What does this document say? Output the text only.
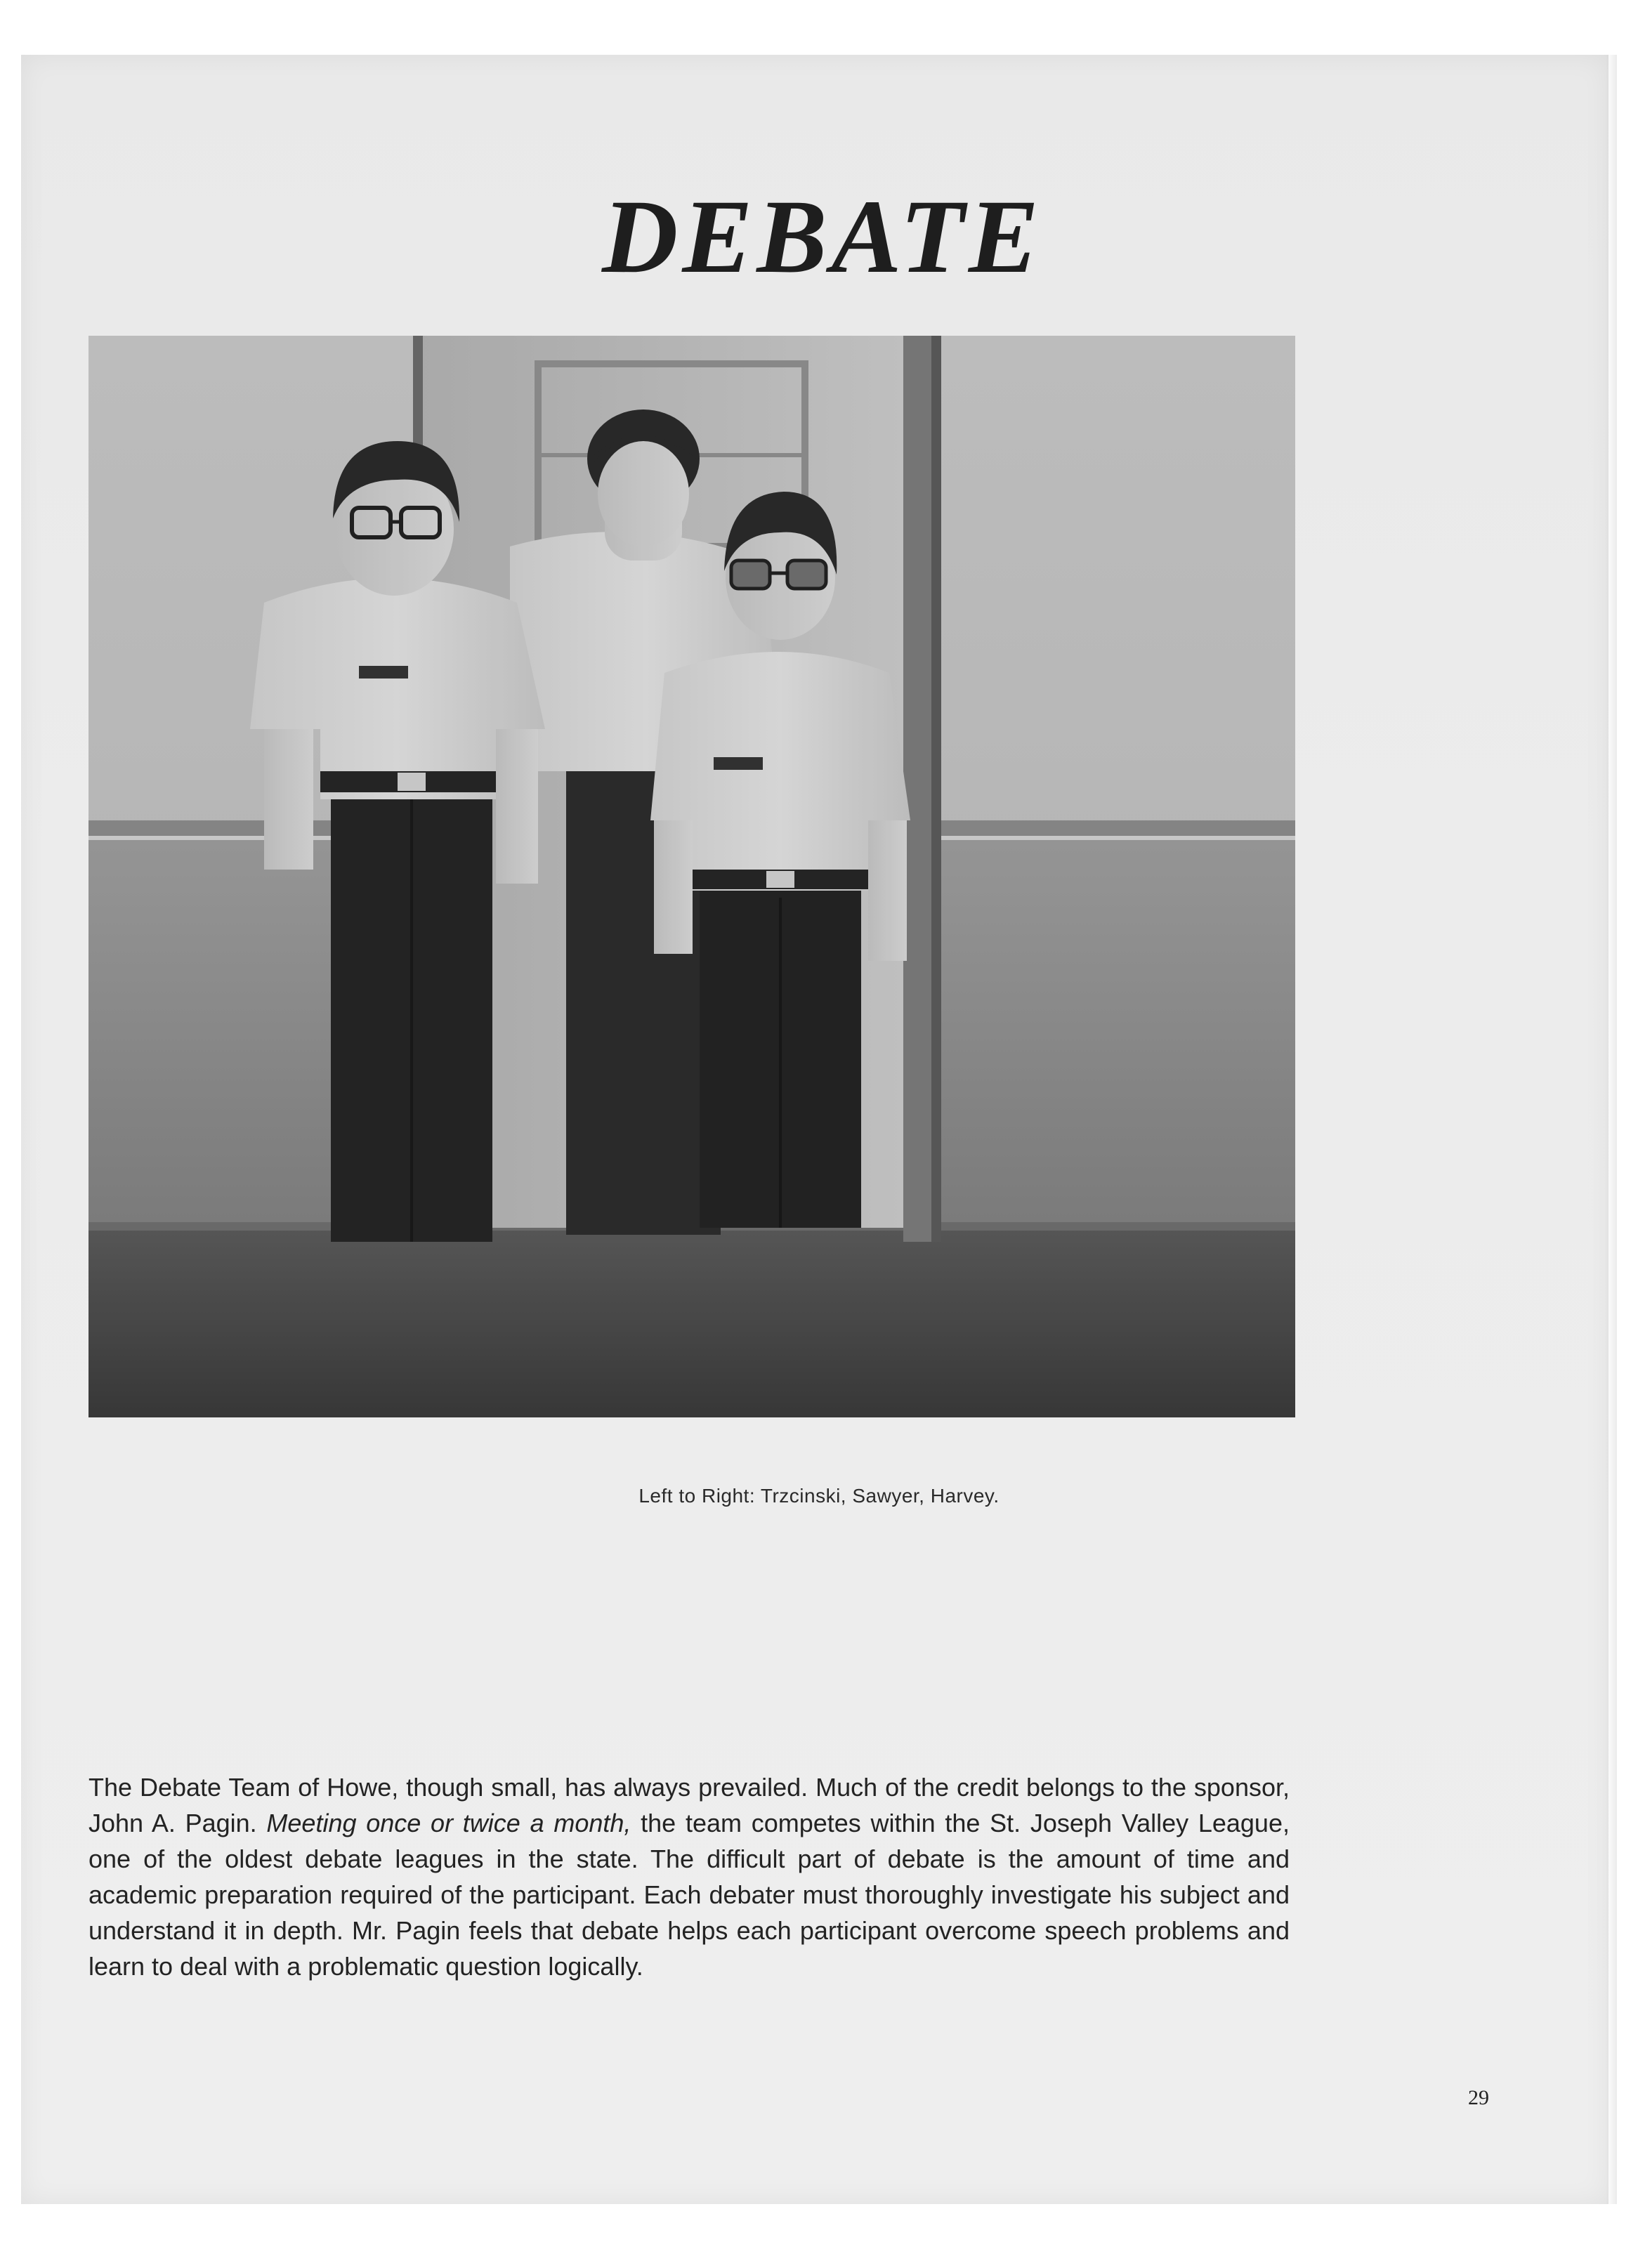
DEBATE

Left to Right: Trzcinski, Sawyer, Harvey.

The Debate Team of Howe, though small, has always prevailed. Much of the credit belongs to the sponsor, John A. Pagin. Meeting once or twice a month, the team competes within the St. Joseph Valley League, one of the oldest debate leagues in the state. The difficult part of debate is the amount of time and academic preparation required of the participant. Each debater must thoroughly investigate his subject and understand it in depth. Mr. Pagin feels that debate helps each participant overcome speech problems and learn to deal with a problematic question logically.

29
